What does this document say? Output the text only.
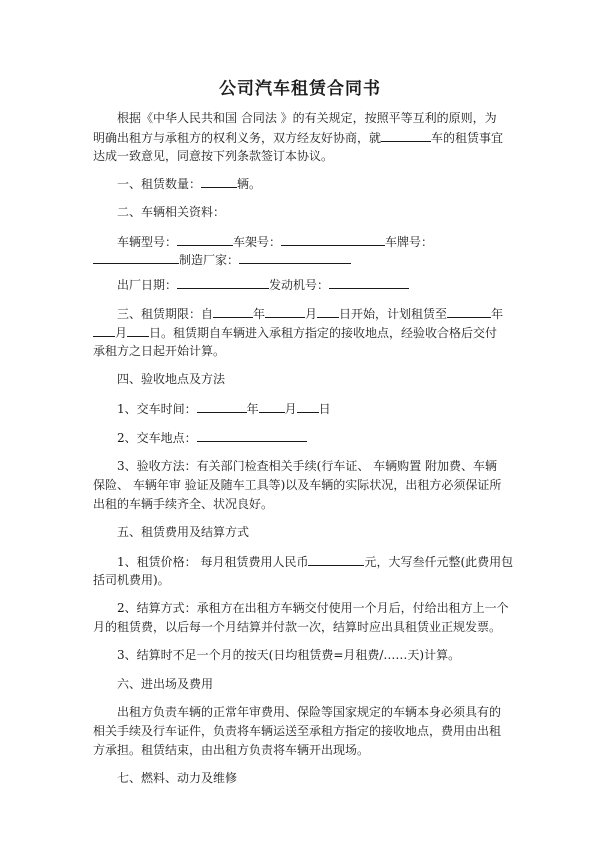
公司汽车租赁合同书
根据《中华人民共和国 合同法 》的有关规定，按照平等互利的原则，为
明确出租方与承租方的权利义务，双方经友好协商，就	车的租赁事宜
达成一致意见，同意按下列条款签订本协议。
一、租赁数量：	辆。
二、车辆相关资料：
车辆型号：	车架号：	车牌号：
制造厂家：
出厂日期：	发动机号：
三、租赁期限：自	年	月 日开始，计划租赁至	年
月 日。租赁期自车辆进入承租方指定的接收地点，经验收合格后交付
承租方之日起开始计算。
四、验收地点及方法
1、交车时间：	年 月 日
2、交车地点：
3、验收方法：有关部门检查相关手续(行车证、 车辆购置 附加费、车辆
保险、 车辆年审 验证及随车工具等)以及车辆的实际状况，出租方必须保证所
出租的车辆手续齐全、状况良好。
五、租赁费用及结算方式
1、租赁价格： 每月租赁费用人民币	元，大写叁仟元整(此费用包
括司机费用)。
2、结算方式：承租方在出租方车辆交付使用一个月后，付给出租方上一个
月的租赁费，以后每一个月结算并付款一次，结算时应出具租赁业正规发票。
3、结算时不足一个月的按天(日均租赁费=月租费/……天)计算。
六、进出场及费用
出租方负责车辆的正常年审费用、保险等国家规定的车辆本身必须具有的
相关手续及行车证件，负责将车辆运送至承租方指定的接收地点，费用由出租
方承担。租赁结束，由出租方负责将车辆开出现场。
七、燃料、动力及维修
